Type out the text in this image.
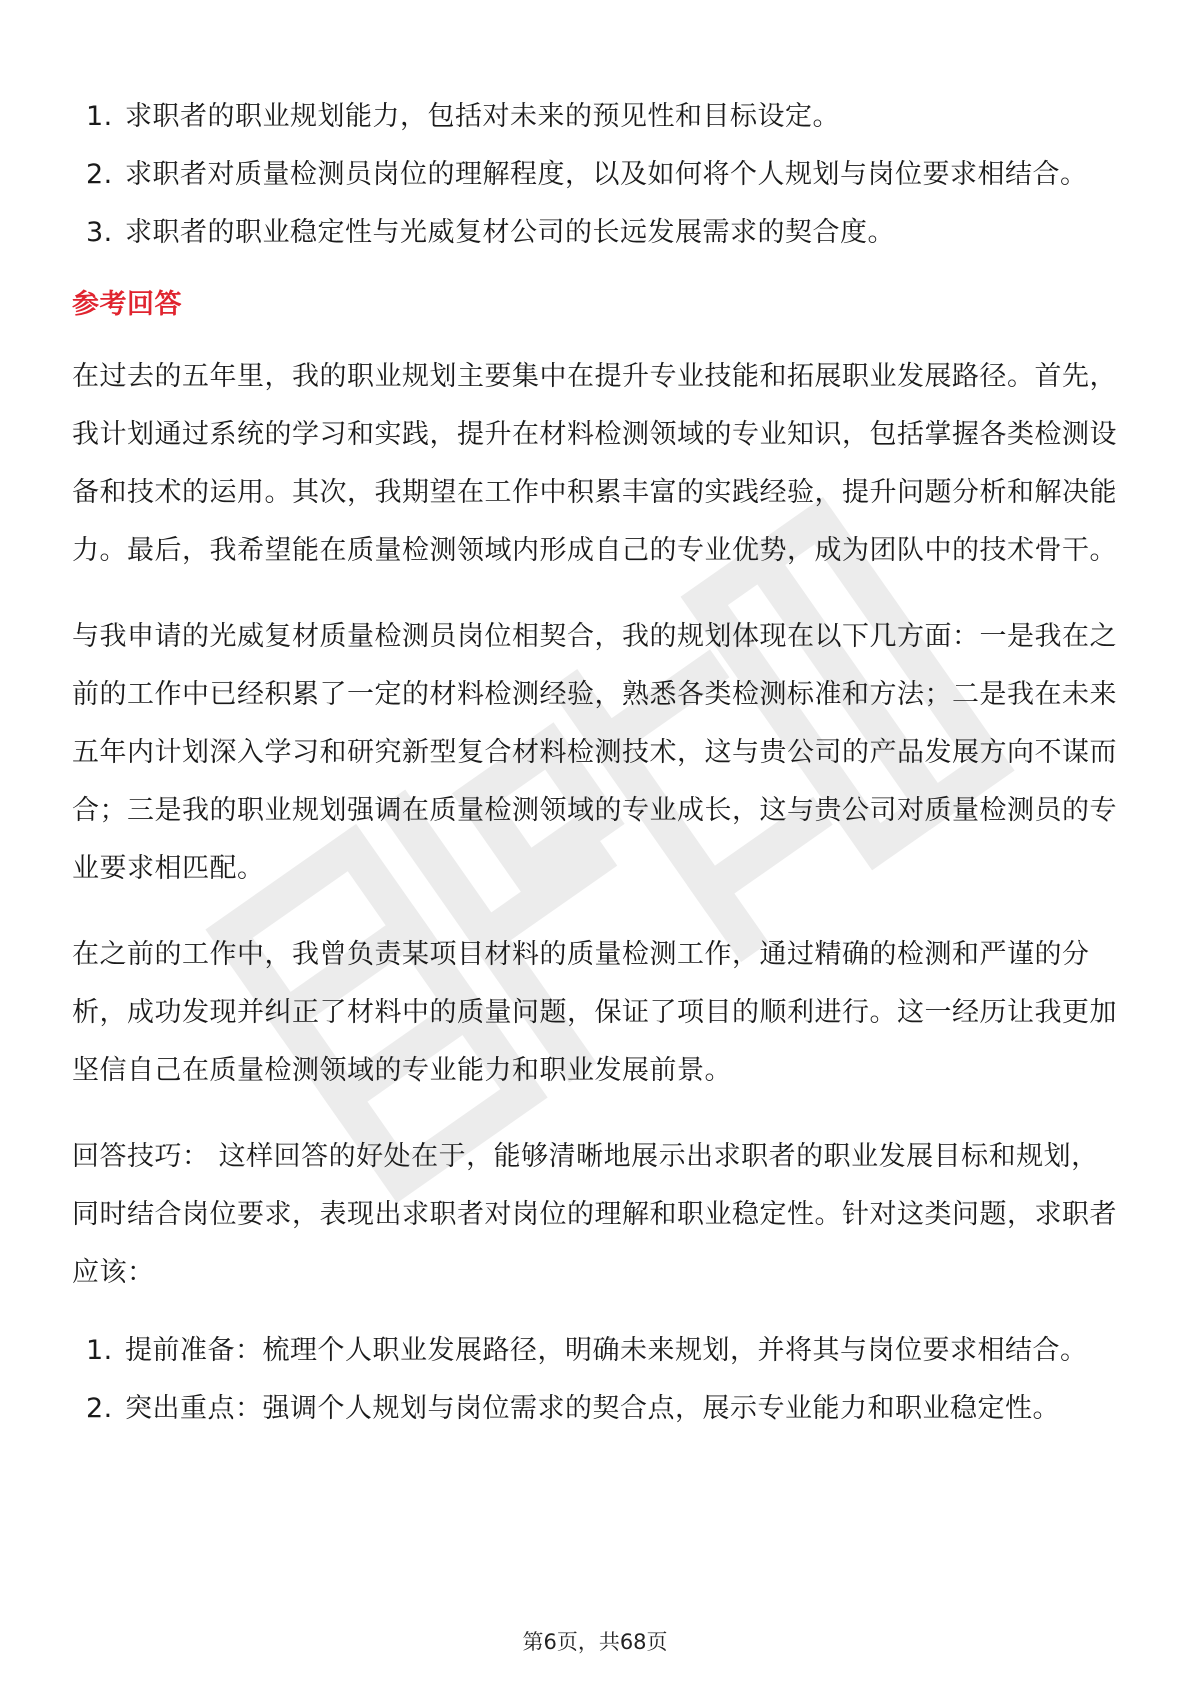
1. 求职者的职业规划能力，包括对未来的预见性和目标设定。
2. 求职者对质量检测员岗位的理解程度，以及如何将个人规划与岗位要求相结合。
3. 求职者的职业稳定性与光威复材公司的长远发展需求的契合度。
参考回答

在过去的五年里，我的职业规划主要集中在提升专业技能和拓展职业发展路径。首先，我计划通过系统的学习和实践，提升在材料检测领域的专业知识，包括掌握各类检测设备和技术的运用。其次，我期望在工作中积累丰富的实践经验，提升问题分析和解决能力。最后，我希望能在质量检测领域内形成自己的专业优势，成为团队中的技术骨干。

与我申请的光威复材质量检测员岗位相契合，我的规划体现在以下几方面：一是我在之前的工作中已经积累了一定的材料检测经验，熟悉各类检测标准和方法；二是我在未来五年内计划深入学习和研究新型复合材料检测技术，这与贵公司的产品发展方向不谋而合；三是我的职业规划强调在质量检测领域的专业成长，这与贵公司对质量检测员的专业要求相匹配。

在之前的工作中，我曾负责某项目材料的质量检测工作，通过精确的检测和严谨的分析，成功发现并纠正了材料中的质量问题，保证了项目的顺利进行。这一经历让我更加坚信自己在质量检测领域的专业能力和职业发展前景。

回答技巧： 这样回答的好处在于，能够清晰地展示出求职者的职业发展目标和规划，同时结合岗位要求，表现出求职者对岗位的理解和职业稳定性。针对这类问题，求职者应该：

1. 提前准备：梳理个人职业发展路径，明确未来规划，并将其与岗位要求相结合。
2. 突出重点：强调个人规划与岗位需求的契合点，展示专业能力和职业稳定性。
第6页，共68页
